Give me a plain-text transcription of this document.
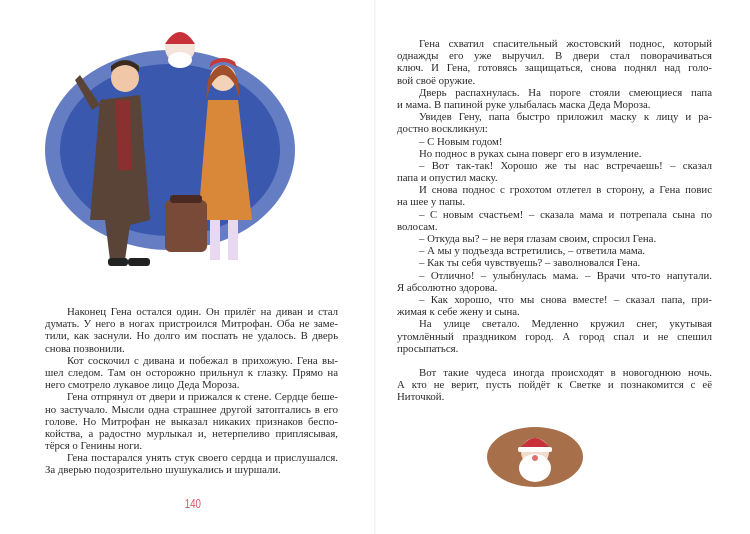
Наконец Гена остался один. Он прилёг на диван и стал
думать. У него в ногах пристроился Митрофан. Оба не заме-
тили, как заснули. Но долго им поспать не удалось. В дверь
снова позвонили.
Кот соскочил с дивана и побежал в прихожую. Гена вы-
шел следом. Там он осторожно прильнул к глазку. Прямо на
него смотрело лукавое лицо Деда Мороза.
Гена отпрянул от двери и прижался к стене. Сердце беше-
но застучало. Мысли одна страшнее другой затоптались в его
голове. Но Митрофан не выказал никаких признаков беспо-
койства, а радостно мурлыкал и, нетерпеливо приплясывая,
тёрся о Генины ноги.
Гена постарался унять стук своего сердца и прислушался.
За дверью подозрительно шушукались и шуршали.
140
Гена схватил спасительный жостовский поднос, который
однажды его уже выручил. В двери стал поворачиваться
ключ. И Гена, готовясь защищаться, снова поднял над голо-
вой своё оружие.
Дверь распахнулась. На пороге стояли смеющиеся папа
и мама. В папиной руке улыбалась маска Деда Мороза.
Увидев Гену, папа быстро приложил маску к лицу и ра-
достно воскликнул:
– С Новым годом!
Но поднос в руках сына поверг его в изумление.
– Вот так-так! Хорошо же ты нас встречаешь! – сказал
папа и опустил маску.
И снова поднос с грохотом отлетел в сторону, а Гена повис
на шее у папы.
– С новым счастьем! – сказала мама и потрепала сына по
волосам.
– Откуда вы? – не веря глазам своим, спросил Гена.
– А мы у подъезда встретились, – ответила мама.
– Как ты себя чувствуешь? – заволновался Гена.
– Отлично! – улыбнулась мама. – Врачи что-то напутали.
Я абсолютно здорова.
– Как хорошо, что мы снова вместе! – сказал папа, при-
жимая к себе жену и сына.
На улице светало. Медленно кружил снег, укутывая
утомлённый праздником город. А город спал и не спешил
просыпаться.
Вот такие чудеса иногда происходят в новогоднюю ночь.
А кто не верит, пусть пойдёт к Светке и познакомится с её
Ниточкой.
